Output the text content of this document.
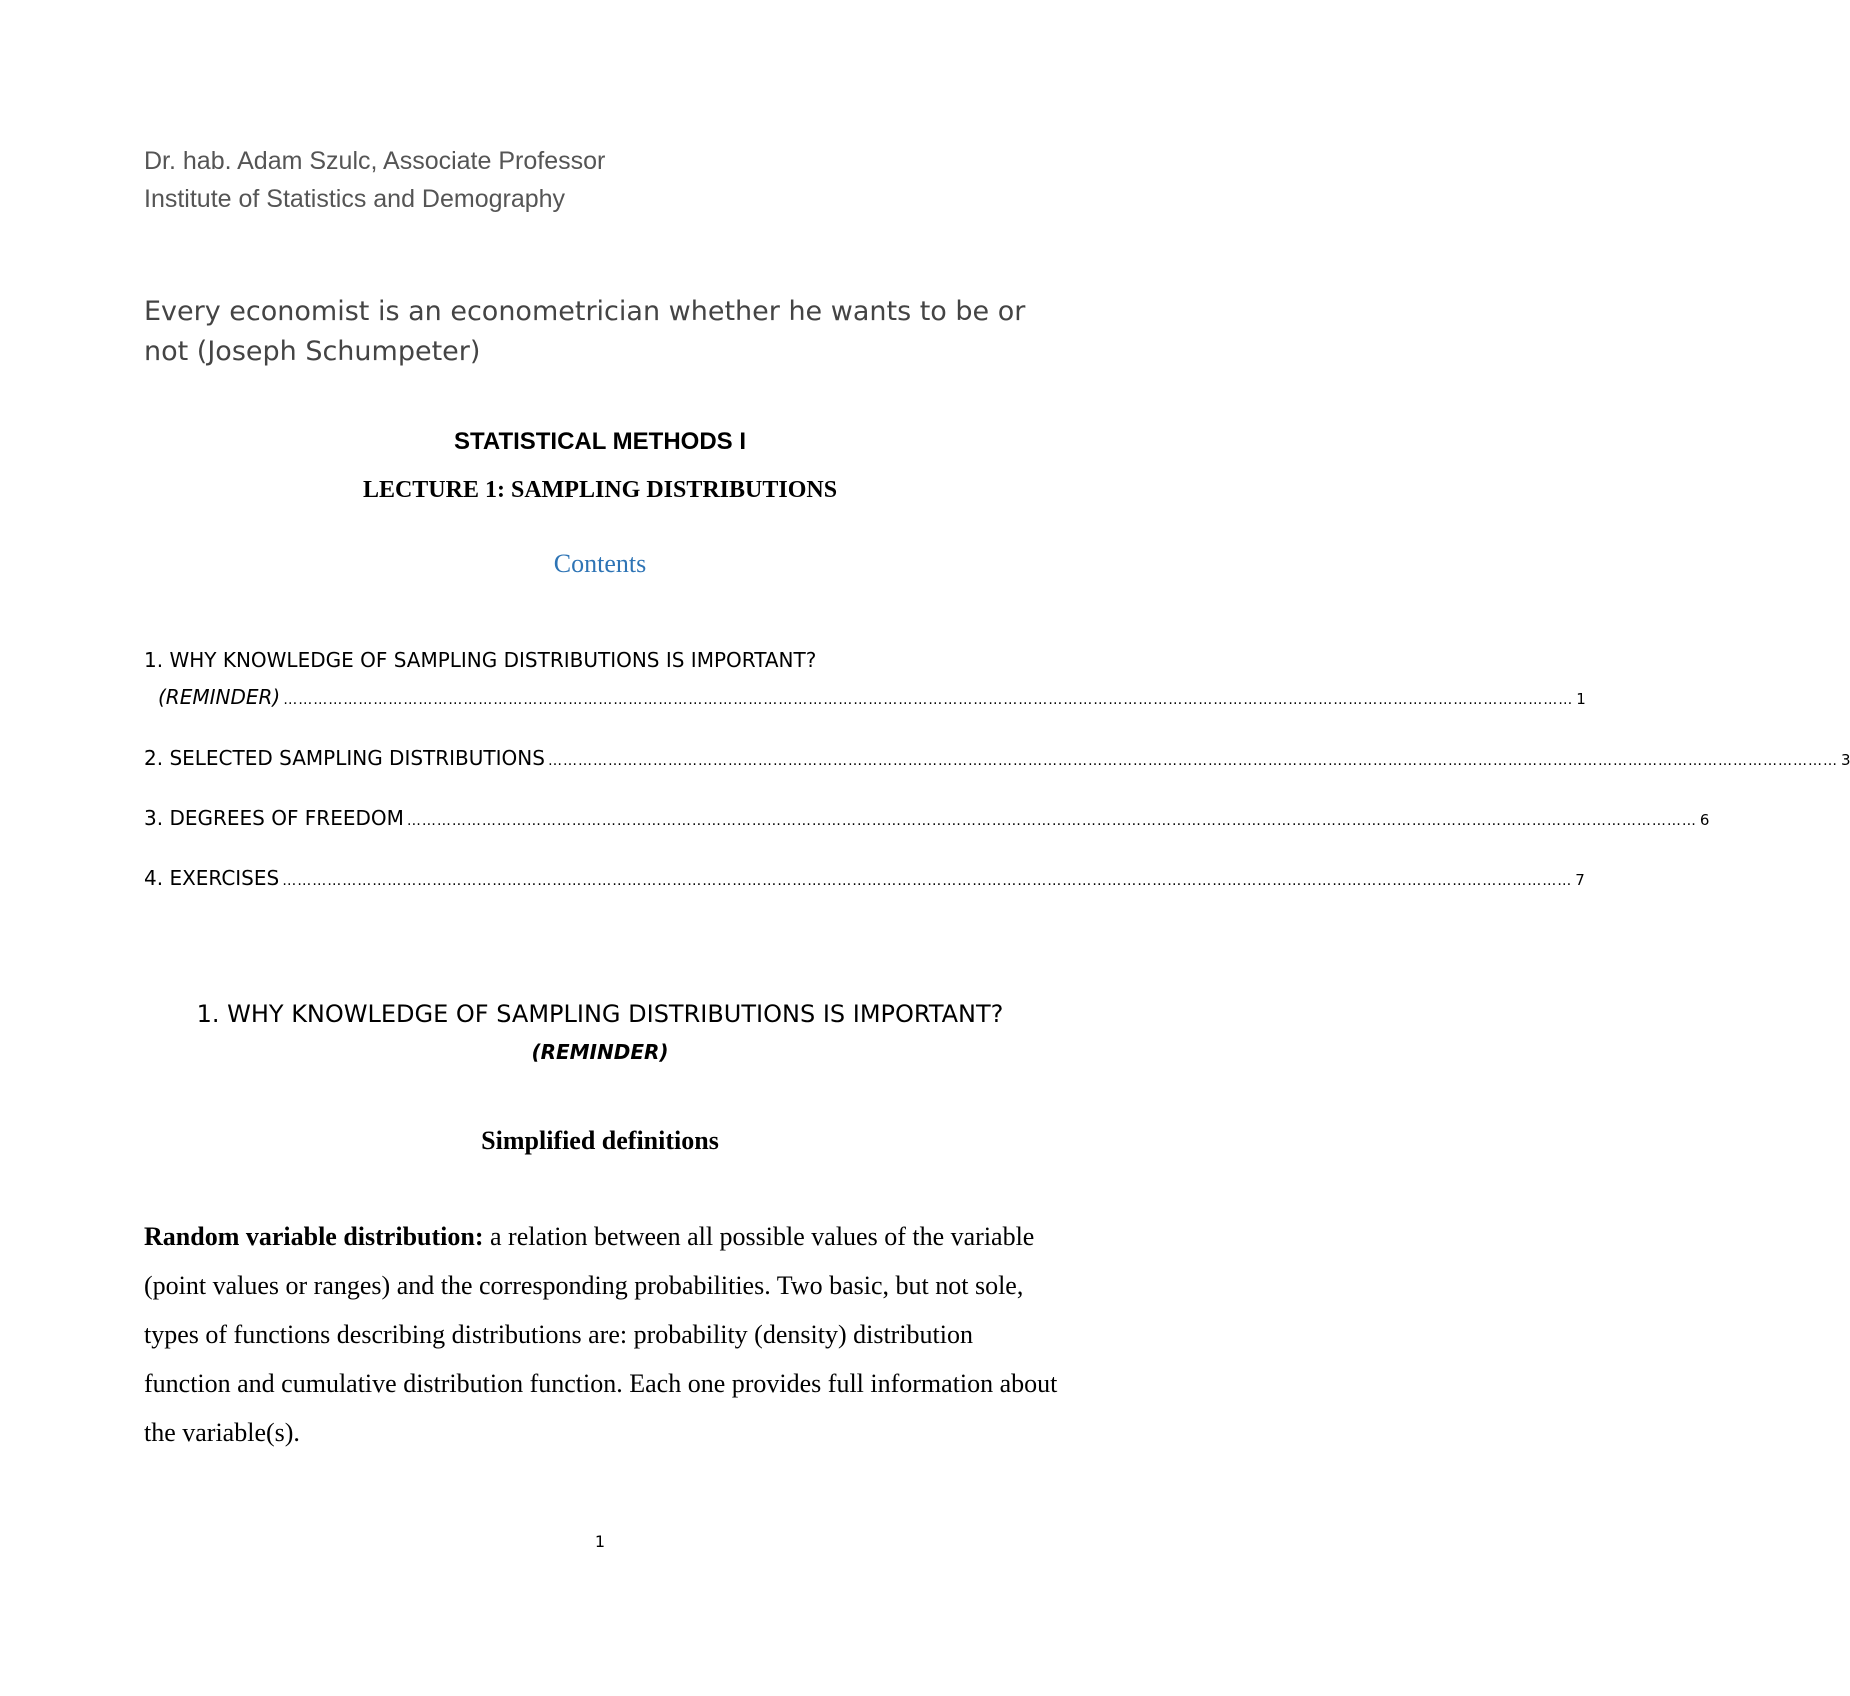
Dr. hab. Adam Szulc, Associate Professor
Institute of Statistics and Demography
Every economist is an econometrician whether he wants to be or not (Joseph Schumpeter)
STATISTICAL METHODS I
LECTURE 1: SAMPLING DISTRIBUTIONS
Contents
1. WHY KNOWLEDGE OF SAMPLING DISTRIBUTIONS IS IMPORTANT?
(REMINDER) …………………………………………………………………………………………………………………………………………………………………………………………………………………………………… 1
2. SELECTED SAMPLING DISTRIBUTIONS …………………………………………………………………………………………………………………………………………………………………………………………………………………………………… 3
3. DEGREES OF FREEDOM …………………………………………………………………………………………………………………………………………………………………………………………………………………………………… 6
4. EXERCISES …………………………………………………………………………………………………………………………………………………………………………………………………………………………………… 7
1. WHY KNOWLEDGE OF SAMPLING DISTRIBUTIONS IS IMPORTANT?
(REMINDER)
Simplified definitions
Random variable distribution: a relation between all possible values of the variable (point values or ranges) and the corresponding probabilities. Two basic, but not sole, types of functions describing distributions are: probability (density) distribution function and cumulative distribution function. Each one provides full information about the variable(s).
1
